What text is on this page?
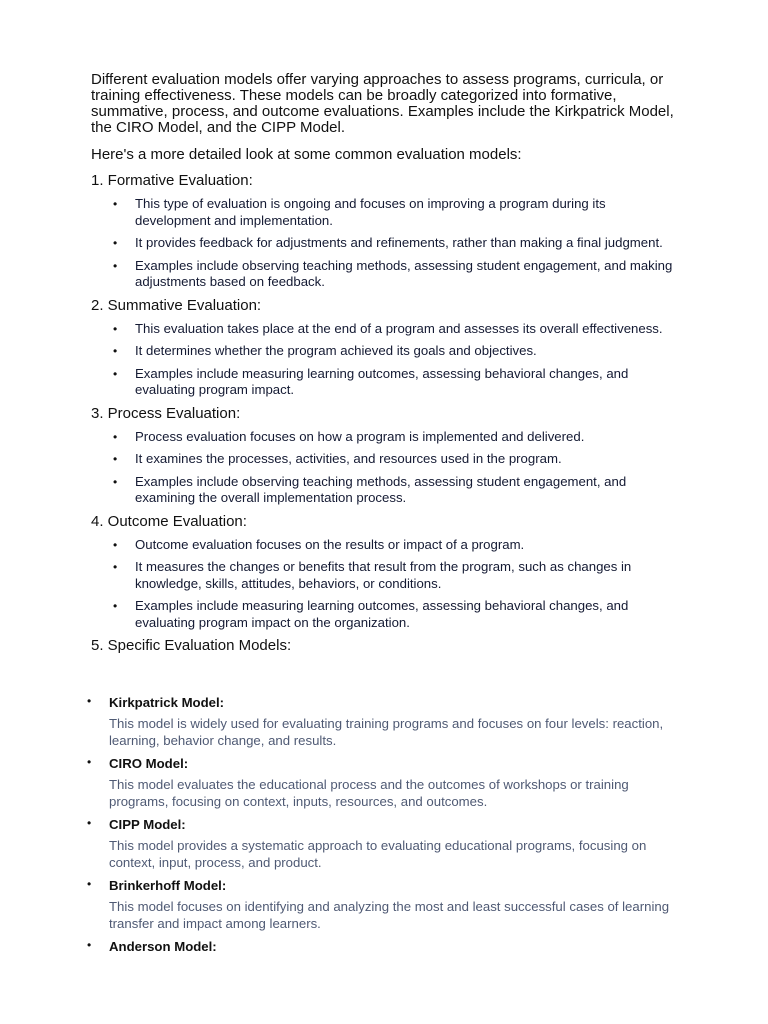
Different evaluation models offer varying approaches to assess programs, curricula, or training effectiveness. These models can be broadly categorized into formative, summative, process, and outcome evaluations. Examples include the Kirkpatrick Model, the CIRO Model, and the CIPP Model.

Here's a more detailed look at some common evaluation models:

1. Formative Evaluation:

• This type of evaluation is ongoing and focuses on improving a program during its development and implementation.
• It provides feedback for adjustments and refinements, rather than making a final judgment.
• Examples include observing teaching methods, assessing student engagement, and making adjustments based on feedback.

2. Summative Evaluation:

• This evaluation takes place at the end of a program and assesses its overall effectiveness.
• It determines whether the program achieved its goals and objectives.
• Examples include measuring learning outcomes, assessing behavioral changes, and evaluating program impact.

3. Process Evaluation:

• Process evaluation focuses on how a program is implemented and delivered.
• It examines the processes, activities, and resources used in the program.
• Examples include observing teaching methods, assessing student engagement, and examining the overall implementation process.

4. Outcome Evaluation:

• Outcome evaluation focuses on the results or impact of a program.
• It measures the changes or benefits that result from the program, such as changes in knowledge, skills, attitudes, behaviors, or conditions.
• Examples include measuring learning outcomes, assessing behavioral changes, and evaluating program impact on the organization.

5. Specific Evaluation Models:

• Kirkpatrick Model:
This model is widely used for evaluating training programs and focuses on four levels: reaction, learning, behavior change, and results.
• CIRO Model:
This model evaluates the educational process and the outcomes of workshops or training programs, focusing on context, inputs, resources, and outcomes.
• CIPP Model:
This model provides a systematic approach to evaluating educational programs, focusing on context, input, process, and product.
• Brinkerhoff Model:
This model focuses on identifying and analyzing the most and least successful cases of learning transfer and impact among learners.
• Anderson Model:
